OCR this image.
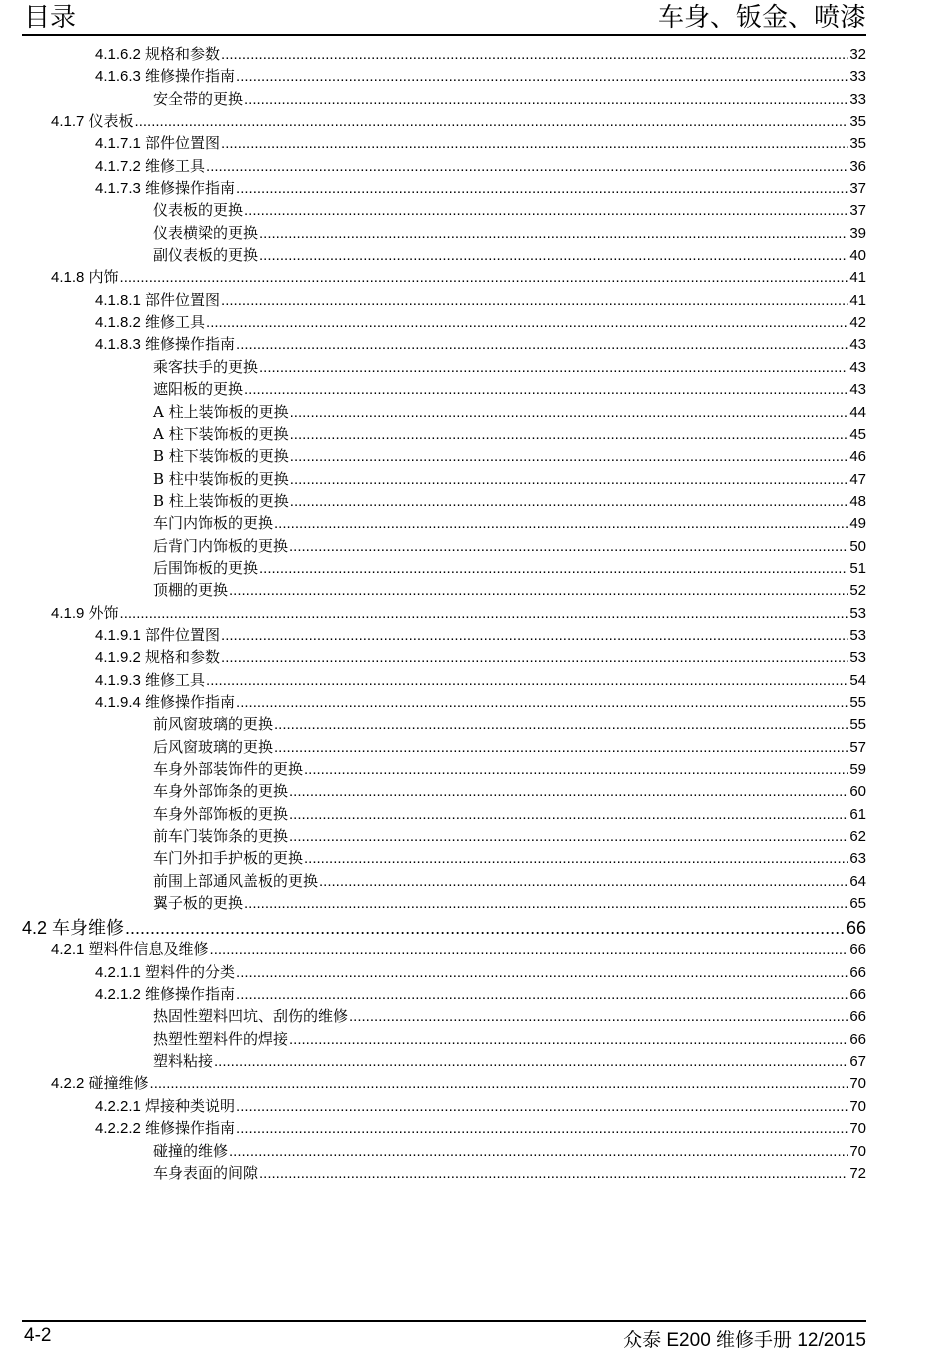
目录	车身、钣金、喷漆
4.1.6.2 规格和参数 .....	32
4.1.6.3 维修操作指南 .....	33
安全带的更换 .....	33
4.1.7 仪表板 .....	35
4.1.7.1 部件位置图 .....	35
4.1.7.2 维修工具 .....	36
4.1.7.3 维修操作指南 .....	37
仪表板的更换 .....	37
仪表横梁的更换 .....	39
副仪表板的更换 .....	40
4.1.8 内饰 .....	41
4.1.8.1 部件位置图 .....	41
4.1.8.2 维修工具 .....	42
4.1.8.3 维修操作指南 .....	43
乘客扶手的更换 .....	43
遮阳板的更换 .....	43
A 柱上装饰板的更换 .....	44
A 柱下装饰板的更换 .....	45
B 柱下装饰板的更换 .....	46
B 柱中装饰板的更换 .....	47
B 柱上装饰板的更换 .....	48
车门内饰板的更换 .....	49
后背门内饰板的更换 .....	50
后围饰板的更换 .....	51
顶棚的更换 .....	52
4.1.9 外饰 .....	53
4.1.9.1 部件位置图 .....	53
4.1.9.2 规格和参数 .....	53
4.1.9.3 维修工具 .....	54
4.1.9.4 维修操作指南 .....	55
前风窗玻璃的更换 .....	55
后风窗玻璃的更换 .....	57
车身外部装饰件的更换 .....	59
车身外部饰条的更换 .....	60
车身外部饰板的更换 .....	61
前车门装饰条的更换 .....	62
车门外扣手护板的更换 .....	63
前围上部通风盖板的更换 .....	64
翼子板的更换 .....	65
4.2 车身维修 .....	66
4.2.1 塑料件信息及维修 .....	66
4.2.1.1 塑料件的分类 .....	66
4.2.1.2 维修操作指南 .....	66
热固性塑料凹坑、刮伤的维修 .....	66
热塑性塑料件的焊接 .....	66
塑料粘接 .....	67
4.2.2 碰撞维修 .....	70
4.2.2.1 焊接种类说明 .....	70
4.2.2.2 维修操作指南 .....	70
碰撞的维修 .....	70
车身表面的间隙 .....	72
4-2	众泰 E200 维修手册 12/2015
